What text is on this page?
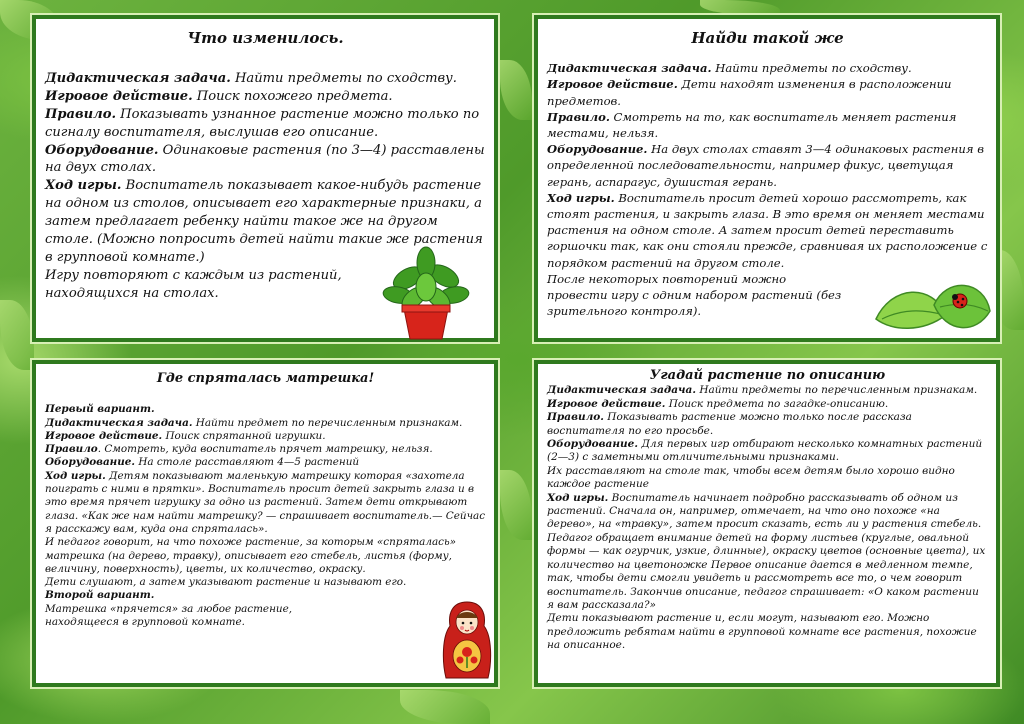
Что изменилось.

Дидактическая задача. Найти предметы по сходству.

Игровое действие. Поиск похожего предмета.

Правило. Показывать узнанное растение можно только по сигналу воспитателя, выслушав его описание.

Оборудование. Одинаковые растения (по 3—4) расставлены на двух столах.

Ход игры. Воспитатель показывает какое-нибудь растение на одном из столов, описывает его характерные признаки, а затем предлагает ребенку найти такое же на другом столе. (Можно попросить детей найти такие же растения в групповой комнате.)

Игру повторяют с каждым из растений, находящихся на столах.

Найди такой же

Дидактическая задача. Найти предметы по сходству.

Игровое действие. Дети находят изменения в расположении предметов.

Правило. Смотреть на то, как воспитатель меняет растения местами, нельзя.

Оборудование. На двух столах ставят 3—4 одинаковых растения в определенной последовательности, например фикус, цветущая герань, аспарагус, душистая герань.

Ход игры. Воспитатель просит детей хорошо рассмотреть, как стоят растения, и закрыть глаза. В это время он меняет местами растения на одном столе. А затем просит детей переставить горшочки так, как они стояли прежде, сравнивая их расположение с порядком растений на другом столе.

После некоторых повторений можно провести игру с одним набором растений (без зрительного контроля).

Где спряталась матрешка!

Первый вариант.

Дидактическая задача. Найти предмет по перечисленным признакам.

Игровое действие. Поиск спрятанной игрушки.

Правило. Смотреть, куда воспитатель прячет матрешку, нельзя.

Оборудование. На столе расставляют 4—5 растений

Ход игры. Детям показывают маленькую матрешку которая «захотела поиграть с ними в прятки». Воспитатель просит детей закрыть глаза и в это время прячет игрушку за одно из растений. Затем дети открывают глаза. «Как же нам найти матрешку? — спрашивает воспитатель.— Сейчас я расскажу вам, куда она спряталась».

И педагог говорит, на что похоже растение, за которым «спряталась» матрешка (на дерево, травку), описывает его стебель, листья (форму, величину, поверхность), цветы, их количество, окраску.

Дети слушают, а затем указывают растение и называют его.

Второй вариант.

Матрешка «прячется» за любое растение, находящееся в групповой комнате.

Угадай растение по описанию

Дидактическая задача. Найти предметы по перечисленным признакам.

Игровое действие. Поиск предмета по загадке-описанию.

Правило. Показывать растение можно только после рассказа воспитателя по его просьбе.

Оборудование. Для первых игр отбирают несколько комнатных растений (2—3) с заметными отличительными признаками.

Их расставляют на столе так, чтобы всем детям было хорошо видно каждое растение

Ход игры. Воспитатель начинает подробно рассказывать об одном из растений. Сначала он, например, отмечает, на что оно похоже «на дерево», на «травку», затем просит сказать, есть ли у растения стебель. Педагог обращает внимание детей на форму листьев (круглые, овальной формы — как огурчик, узкие, длинные), окраску цветов (основные цвета), их количество на цветоножке Первое описание дается в медленном темпе, так, чтобы дети смогли увидеть и рассмотреть все то, о чем говорит воспитатель. Закончив описание, педагог спрашивает: «О каком растении я вам рассказала?»

Дети показывают растение и, если могут, называют его. Можно предложить ребятам найти в групповой комнате все растения, похожие на описанное.
